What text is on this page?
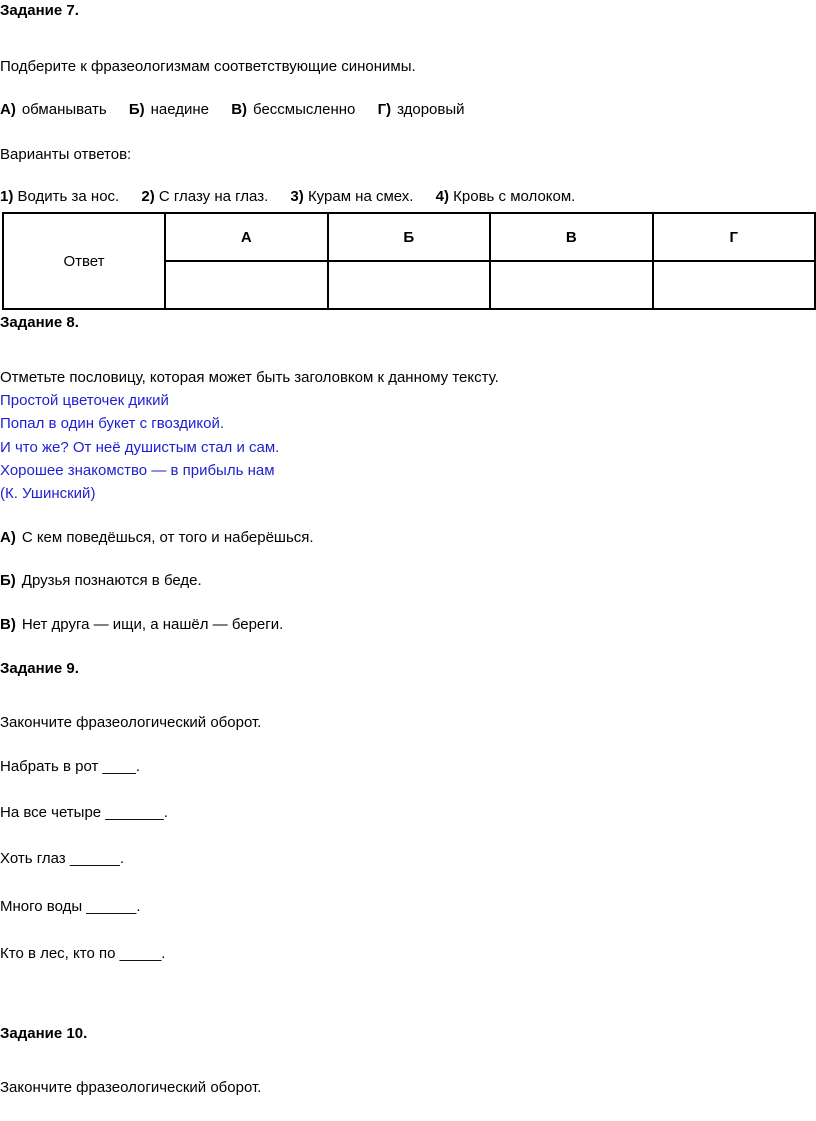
Задание 7.
Подберите к фразеологизмам соответствующие синонимы.
А) обманывать Б) наедине В) бессмысленно Г) здоровый
Варианты ответов:
1) Водить за нос. 2) С глазу на глаз. 3) Курам на смех. 4) Кровь с молоком.
Ответ	А	Б	В	Г

Задание 8.
Отметьте пословицу, которая может быть заголовком к данному тексту.
Простой цветочек дикий
Попал в один букет с гвоздикой.
И что же? От неё душистым стал и сам.
Хорошее знакомство — в прибыль нам
(К. Ушинский)
А) С кем поведёшься, от того и наберёшься.
Б) Друзья познаются в беде.
В) Нет друга — ищи, а нашёл — береги.
Задание 9.
Закончите фразеологический оборот.
Набрать в рот ____.
На все четыре _______.
Хоть глаз ______.
Много воды ______.
Кто в лес, кто по _____.
Задание 10.
Закончите фразеологический оборот.
